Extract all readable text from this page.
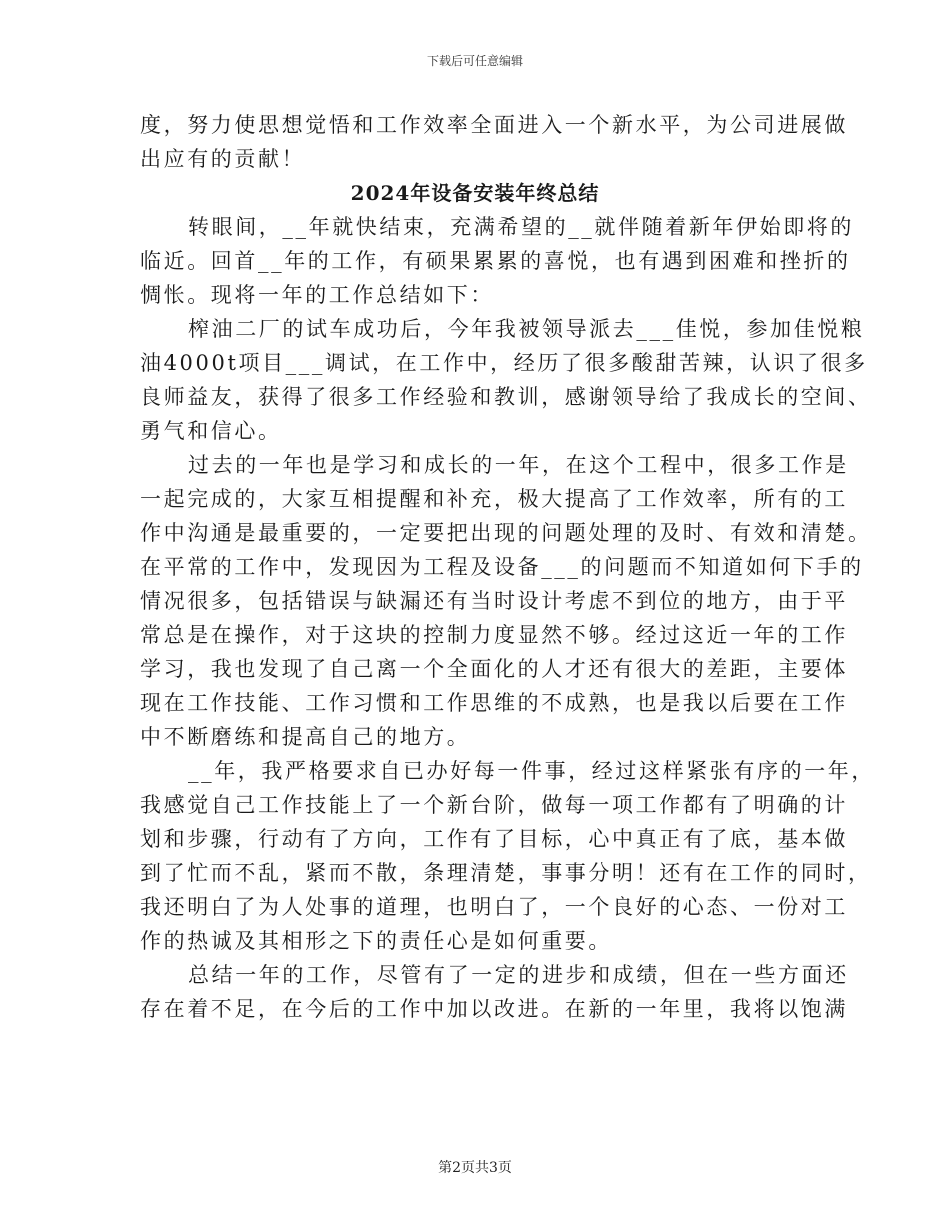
下载后可任意编辑
度，努力使思想觉悟和工作效率全面进入一个新水平，为公司进展做
出应有的贡献！
2024年设备安装年终总结
转眼间，__年就快结束，充满希望的__就伴随着新年伊始即将的
临近。回首__年的工作，有硕果累累的喜悦，也有遇到困难和挫折的
惆怅。现将一年的工作总结如下：
榨油二厂的试车成功后，今年我被领导派去___佳悦，参加佳悦粮
油4000t项目___调试，在工作中，经历了很多酸甜苦辣，认识了很多
良师益友，获得了很多工作经验和教训，感谢领导给了我成长的空间、
勇气和信心。
过去的一年也是学习和成长的一年，在这个工程中，很多工作是
一起完成的，大家互相提醒和补充，极大提高了工作效率，所有的工
作中沟通是最重要的，一定要把出现的问题处理的及时、有效和清楚。
在平常的工作中，发现因为工程及设备___的问题而不知道如何下手的
情况很多，包括错误与缺漏还有当时设计考虑不到位的地方，由于平
常总是在操作，对于这块的控制力度显然不够。经过这近一年的工作
学习，我也发现了自己离一个全面化的人才还有很大的差距，主要体
现在工作技能、工作习惯和工作思维的不成熟，也是我以后要在工作
中不断磨练和提高自己的地方。
__年，我严格要求自已办好每一件事，经过这样紧张有序的一年，
我感觉自己工作技能上了一个新台阶，做每一项工作都有了明确的计
划和步骤，行动有了方向，工作有了目标，心中真正有了底，基本做
到了忙而不乱，紧而不散，条理清楚，事事分明！还有在工作的同时，
我还明白了为人处事的道理，也明白了，一个良好的心态、一份对工
作的热诚及其相形之下的责任心是如何重要。
总结一年的工作，尽管有了一定的进步和成绩，但在一些方面还
存在着不足，在今后的工作中加以改进。在新的一年里，我将以饱满
第2页共3页
